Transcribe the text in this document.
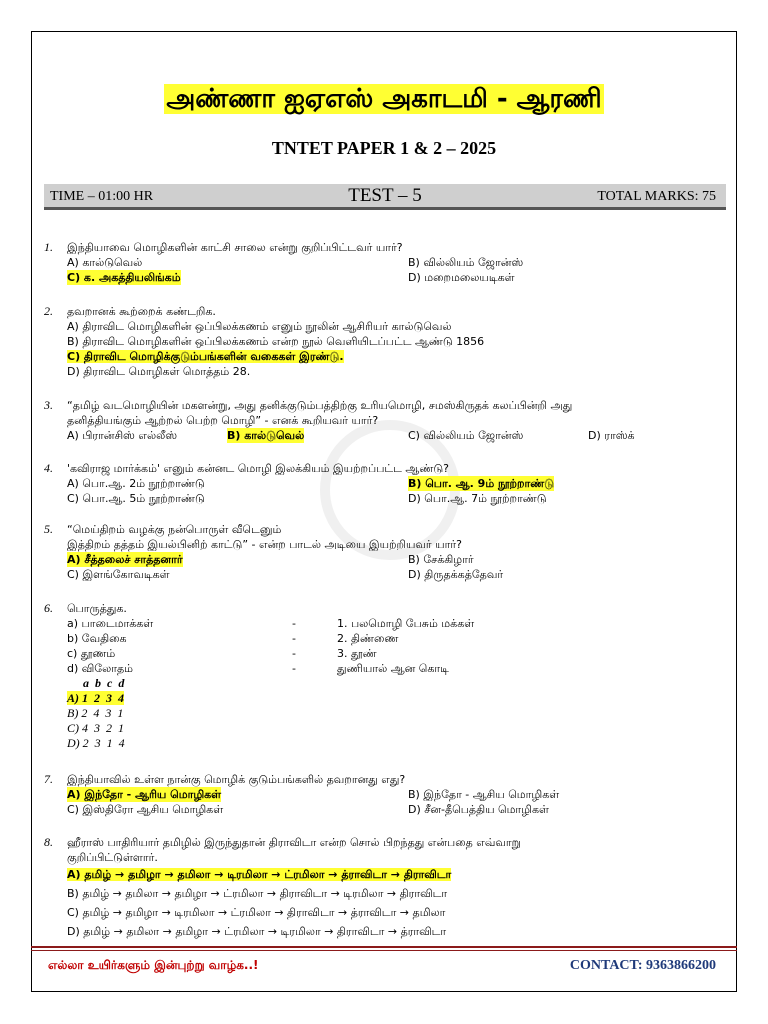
அண்ணா ஐஏஎஸ் அகாடமி - ஆரணி
TNTET PAPER 1 & 2 – 2025
TIME – 01:00 HR	TEST – 5	TOTAL MARKS: 75
1. இந்தியாவை மொழிகளின் காட்சி சாலை என்று குறிப்பிட்டவர் யார்?
A) கால்டுவெல்	B) வில்லியம் ஜோன்ஸ்
C) க. அகத்தியலிங்கம்	D) மறைமலையடிகள்
2. தவறானக் கூற்றைக் கண்டறிக.
A) திராவிட மொழிகளின் ஒப்பிலக்கணம் எனும் நூலின் ஆசிரியர் கால்டுவெல்
B) திராவிட மொழிகளின் ஒப்பிலக்கணம் என்ற நூல் வெளியிடப்பட்ட ஆண்டு 1856
C) திராவிட மொழிக்குடும்பங்களின் வகைகள் இரண்டு.
D) திராவிட மொழிகள் மொத்தம் 28.
3. “தமிழ் வடமொழியின் மகளன்று, அது தனிக்குடும்பத்திற்கு உரியமொழி, சமஸ்கிருதக் கலப்பின்றி அது
தனித்தியங்கும் ஆற்றல் பெற்ற மொழி” - எனக் கூறியவர் யார்?
A) பிரான்சிஸ் எல்லீஸ்	B) கால்டுவெல்	C) வில்லியம் ஜோன்ஸ்	D) ராஸ்க்
4. 'கவிராஜ மார்க்கம்' எனும் கன்னட மொழி இலக்கியம் இயற்றப்பட்ட ஆண்டு?
A) பொ.ஆ. 2ம் நூற்றாண்டு	B) பொ. ஆ. 9ம் நூற்றாண்டு
C) பொ.ஆ. 5ம் நூற்றாண்டு	D) பொ.ஆ. 7ம் நூற்றாண்டு
5. “மெய்திறம் வழக்கு நன்பொருள் வீடெனும்
இத்திறம் தத்தம் இயல்பினிற் காட்டு” - என்ற பாடல் அடியை இயற்றியவர் யார்?
A) சீத்தலைச் சாத்தனார்	B) சேக்கிழார்
C) இளங்கோவடிகள்	D) திருதக்கத்தேவர்
6. பொருத்துக.
a) பாடைமாக்கள்	-	1. பலமொழி பேசும் மக்கள்
b) வேதிகை	-	2. திண்ணை
c) தூணம்	-	3. தூண்
d) விலோதம்	-	துணியால் ஆன கொடி
a  b  c  d
A) 1  2  3  4
B) 2  4  3  1
C) 4  3  2  1
D) 2  3  1  4
7. இந்தியாவில் உள்ள நான்கு மொழிக் குடும்பங்களில் தவறானது எது?
A) இந்தோ - ஆரிய மொழிகள்	B) இந்தோ - ஆசிய மொழிகள்
C) இஸ்திரோ ஆசிய மொழிகள்	D) சீன-தீபெத்திய மொழிகள்
8. ஹீராஸ் பாதிரியார் தமிழில் இருந்துதான் திராவிடா என்ற சொல் பிறந்தது என்பதை எவ்வாறு
குறிப்பிட்டுள்ளார்.
A) தமிழ் → தமிழா → தமிலா → டிரமிலா → ட்ரமிலா → த்ராவிடா → திராவிடா
B) தமிழ் → தமிலா → தமிழா → ட்ரமிலா → திராவிடா → டிரமிலா → திராவிடா
C) தமிழ் → தமிழா → டிரமிலா → ட்ரமிலா → திராவிடா → த்ராவிடா → தமிலா
D) தமிழ் → தமிலா → தமிழா → ட்ரமிலா → டிரமிலா → திராவிடா → த்ராவிடா
எல்லா உயிர்களும் இன்புற்று வாழ்க..!	CONTACT: 9363866200
